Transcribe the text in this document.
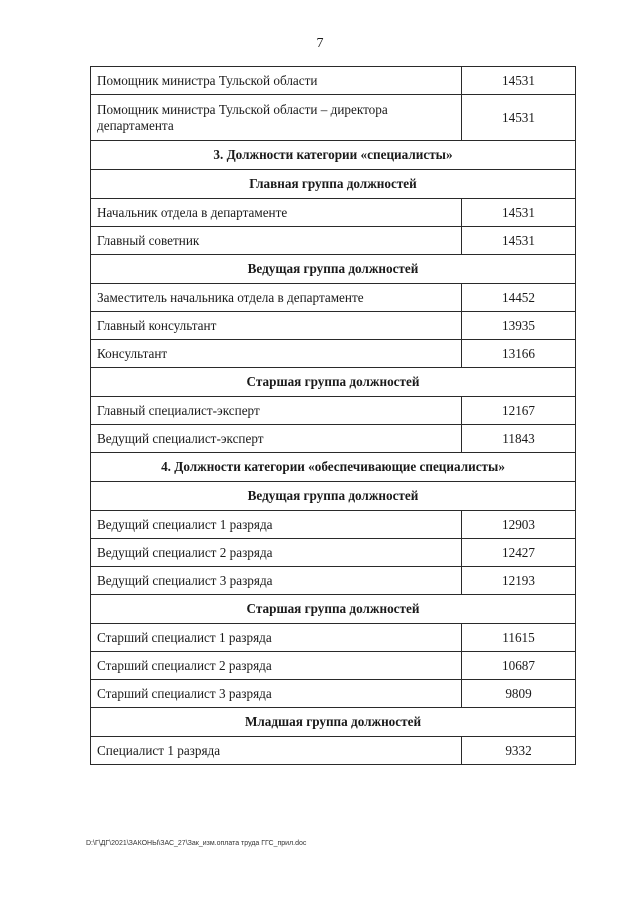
7
Помощник министра Тульской области	14531
Помощник министра Тульской области – директора департамента	14531
3. Должности категории «специалисты»	
Главная группа должностей	
Начальник отдела в департаменте	14531
Главный советник	14531
Ведущая группа должностей	
Заместитель начальника отдела в департаменте	14452
Главный консультант	13935
Консультант	13166
Старшая группа должностей	
Главный специалист-эксперт	12167
Ведущий специалист-эксперт	11843
4. Должности категории «обеспечивающие специалисты»	
Ведущая группа должностей	
Ведущий специалист 1 разряда	12903
Ведущий специалист 2 разряда	12427
Ведущий специалист 3 разряда	12193
Старшая группа должностей	
Старший специалист 1 разряда	11615
Старший специалист 2 разряда	10687
Старший специалист 3 разряда	9809
Младшая группа должностей	
Специалист 1 разряда	9332
D:\Г\ДГ\2021\ЗАКОНЫ\ЗАС_27\Зак_изм.оплата труда ГГС_прил.doc
